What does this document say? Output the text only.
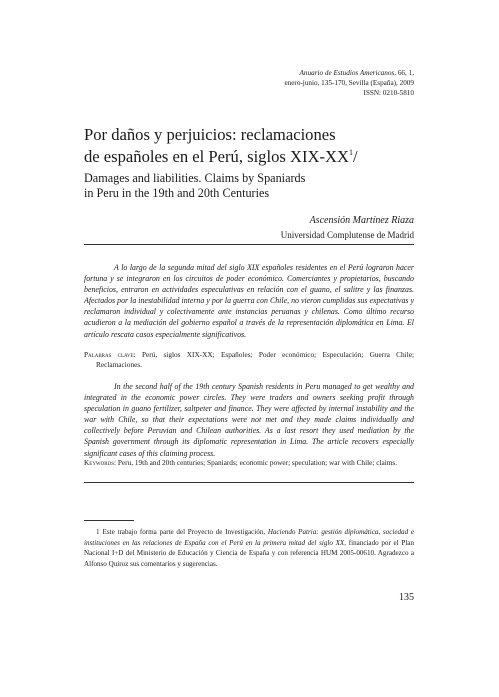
Anuario de Estudios Americanos, 66, 1,
enero-junio, 135-170, Sevilla (España), 2009
ISSN: 0210-5810
Por daños y perjuicios: reclamaciones
de españoles en el Perú, siglos XIX-$XX^1/$
Damages and liabilities. Claims by Spaniards
in Peru in the 19th and 20th Centuries
Ascensión Martínez Riaza
Universidad Complutense de Madrid

A lo largo de la segunda mitad del siglo XIX españoles residentes en el Perú lograron hacer fortuna y se integraron en los circuitos de poder económico. Comerciantes y propietarios, buscando beneficios, entraron en actividades especulativas en relación con el guano, el salitre y las finanzas. Afectados por la inestabilidad interna y por la guerra con Chile, no vieron cumplidas sus expectativas y reclamaron individual y colectivamente ante instancias peruanas y chilenas. Como último recurso acudieron a la mediación del gobierno español a través de la representación diplomática en Lima. El artículo rescata casos especialmente significativos.

Palabras clave: Perú, siglos XIX-XX; Españoles; Poder económico; Especulación; Guerra Chile; Reclamaciones.

In the second half of the 19th century Spanish residents in Peru managed to get wealthy and integrated in the economic power circles. They were traders and owners seeking profit through speculation in guano fertilizer, saltpeter and finance. They were affected by internal instability and the war with Chile, so that their expectations were not met and they made claims individually and collectively before Peruvian and Chilean authorities. As a last resort they used mediation by the Spanish government through its diplomatic representation in Lima. The article recovers especially significant cases of this claiming process.

Keywords: Peru, 19th and 20th centuries; Spaniards; economic power; speculation; war with Chile; claims.

1 Este trabajo forma parte del Proyecto de Investigación, Haciendo Patria: gestión diplomática, sociedad e instituciones en las relaciones de España con el Perú en la primera mitad del siglo XX, financiado por el Plan Nacional I+D del Ministerio de Educación y Ciencia de España y con referencia HUM 2005-00610. Agradezco a Alfonso Quiroz sus comentarios y sugerencias.

135
